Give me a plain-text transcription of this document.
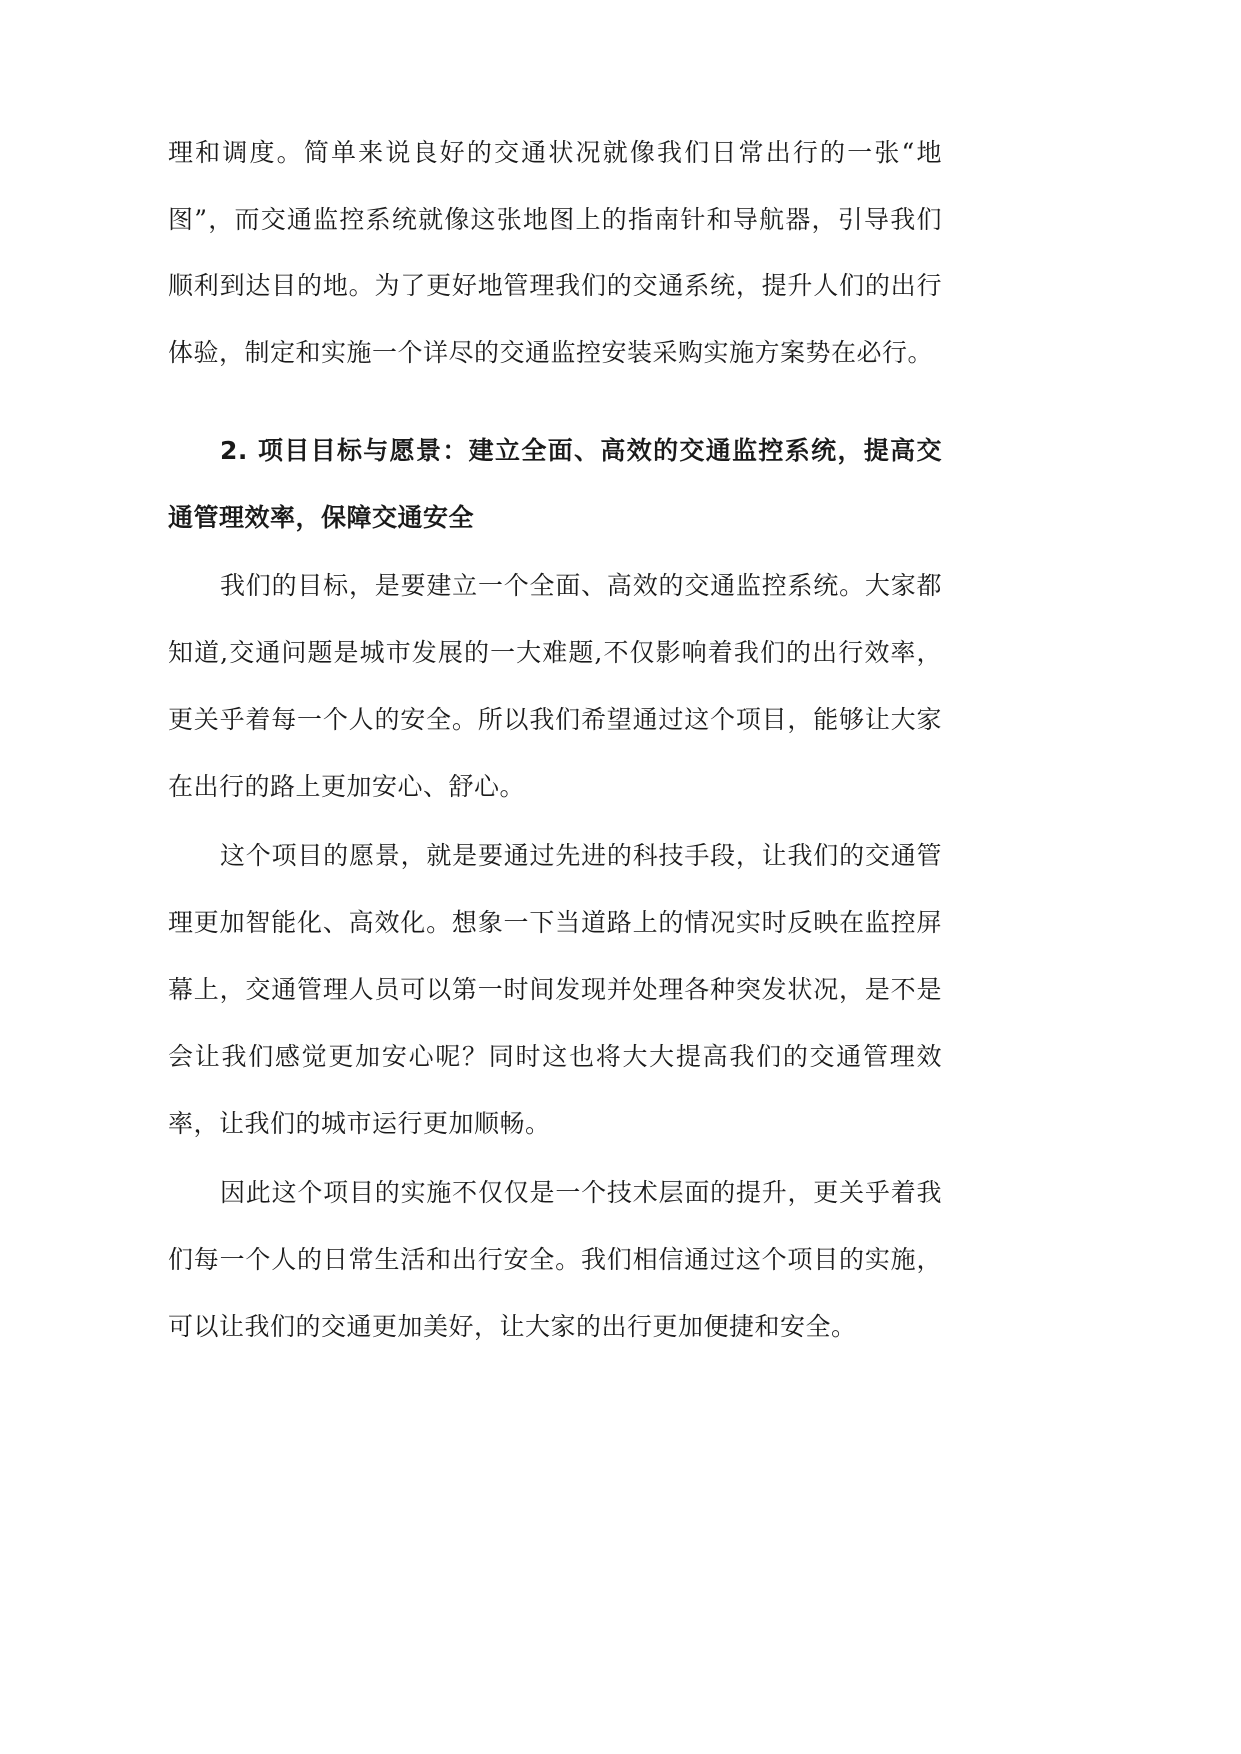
理和调度。简单来说良好的交通状况就像我们日常出行的一张“地
图”，而交通监控系统就像这张地图上的指南针和导航器，引导我们
顺利到达目的地。为了更好地管理我们的交通系统，提升人们的出行
体验，制定和实施一个详尽的交通监控安装采购实施方案势在必行。
2. 项目目标与愿景：建立全面、高效的交通监控系统，提高交
通管理效率，保障交通安全
我们的目标，是要建立一个全面、高效的交通监控系统。大家都
知道,交通问题是城市发展的一大难题,不仅影响着我们的出行效率，
更关乎着每一个人的安全。所以我们希望通过这个项目，能够让大家
在出行的路上更加安心、舒心。
这个项目的愿景，就是要通过先进的科技手段，让我们的交通管
理更加智能化、高效化。想象一下当道路上的情况实时反映在监控屏
幕上，交通管理人员可以第一时间发现并处理各种突发状况，是不是
会让我们感觉更加安心呢？同时这也将大大提高我们的交通管理效
率，让我们的城市运行更加顺畅。
因此这个项目的实施不仅仅是一个技术层面的提升，更关乎着我
们每一个人的日常生活和出行安全。我们相信通过这个项目的实施，
可以让我们的交通更加美好，让大家的出行更加便捷和安全。
